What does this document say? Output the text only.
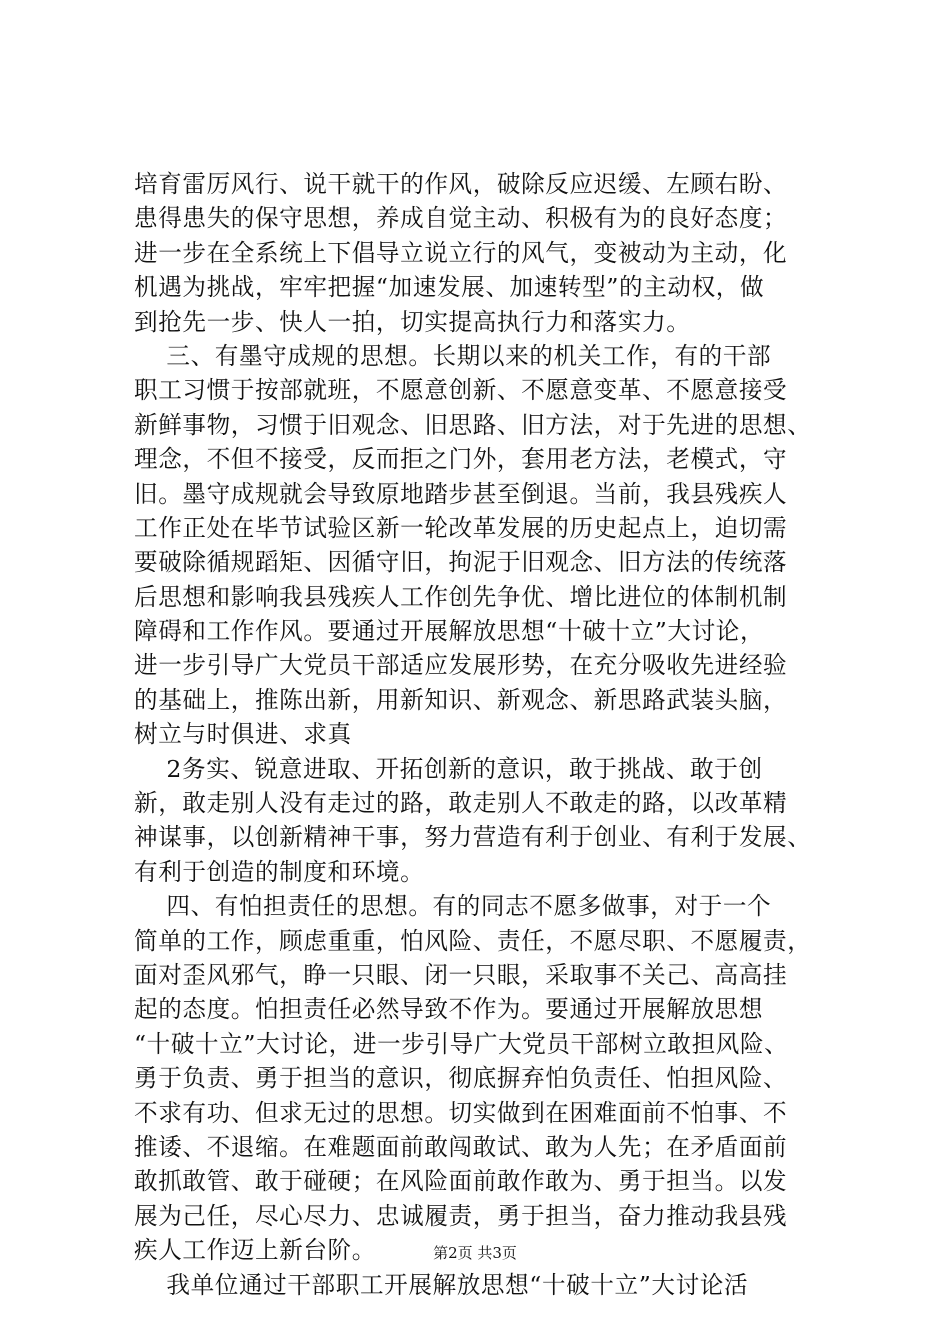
培育雷厉风行、说干就干的作风，破除反应迟缓、左顾右盼、
患得患失的保守思想，养成自觉主动、积极有为的良好态度；
进一步在全系统上下倡导立说立行的风气，变被动为主动，化
机遇为挑战，牢牢把握“加速发展、加速转型”的主动权，做
到抢先一步、快人一拍，切实提高执行力和落实力。
三、有墨守成规的思想。长期以来的机关工作，有的干部
职工习惯于按部就班，不愿意创新、不愿意变革、不愿意接受
新鲜事物，习惯于旧观念、旧思路、旧方法，对于先进的思想、
理念，不但不接受，反而拒之门外，套用老方法，老模式，守
旧。墨守成规就会导致原地踏步甚至倒退。当前，我县残疾人
工作正处在毕节试验区新一轮改革发展的历史起点上，迫切需
要破除循规蹈矩、因循守旧，拘泥于旧观念、旧方法的传统落
后思想和影响我县残疾人工作创先争优、增比进位的体制机制
障碍和工作作风。要通过开展解放思想“十破十立”大讨论，
进一步引导广大党员干部适应发展形势，在充分吸收先进经验
的基础上，推陈出新，用新知识、新观念、新思路武装头脑，
树立与时俱进、求真
2务实、锐意进取、开拓创新的意识，敢于挑战、敢于创
新，敢走别人没有走过的路，敢走别人不敢走的路，以改革精
神谋事，以创新精神干事，努力营造有利于创业、有利于发展、
有利于创造的制度和环境。
四、有怕担责任的思想。有的同志不愿多做事，对于一个
简单的工作，顾虑重重，怕风险、责任，不愿尽职、不愿履责，
面对歪风邪气，睁一只眼、闭一只眼，采取事不关己、高高挂
起的态度。怕担责任必然导致不作为。要通过开展解放思想
“十破十立”大讨论，进一步引导广大党员干部树立敢担风险、
勇于负责、勇于担当的意识，彻底摒弃怕负责任、怕担风险、
不求有功、但求无过的思想。切实做到在困难面前不怕事、不
推诿、不退缩。在难题面前敢闯敢试、敢为人先；在矛盾面前
敢抓敢管、敢于碰硬；在风险面前敢作敢为、勇于担当。以发
展为己任，尽心尽力、忠诚履责，勇于担当，奋力推动我县残
疾人工作迈上新台阶。
我单位通过干部职工开展解放思想“十破十立”大讨论活
第2页 共3页
